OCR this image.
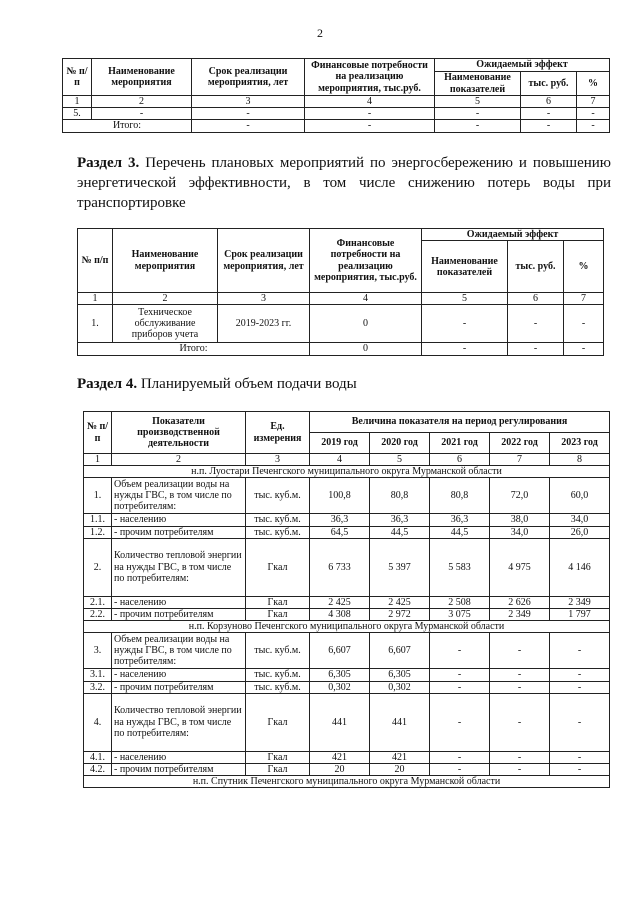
2
№ п/п	Наименование мероприятия	Срок реализации мероприятия, лет	Финансовые потребности на реализацию мероприятия, тыс.руб.	Ожидаемый эффект		
				Наименование показателей	тыс. руб.	%
1	2	3	4	5	6	7
5.	-	-	-	-	-	-
Итого:		-	-	-	-	-
Раздел 3. Перечень плановых мероприятий по энергосбережению и повышению энергетической эффективности, в том числе снижению потерь воды при транспортировке
№ п/п	Наименование мероприятия	Срок реализации мероприятия, лет	Финансовые потребности на реализацию мероприятия, тыс.руб.	Ожидаемый эффект		
				Наименование показателей	тыс. руб.	%
1	2	3	4	5	6	7
1.	Техническое обслуживание приборов учета	2019-2023 гг.	0	-	-	-
Итого:			0	-	-	-
Раздел 4. Планируемый объем подачи воды
№ п/п	Показатели производственной деятельности	Ед. измерения	Величина показателя на период регулирования				
			2019 год	2020 год	2021 год	2022 год	2023 год
1	2	3	4	5	6	7	8
н.п. Луостари Печенгского муниципального округа Мурманской области							
1.	Объем реализации воды на нужды ГВС, в том числе по потребителям:	тыс. куб.м.	100,8	80,8	80,8	72,0	60,0
1.1.	- населению	тыс. куб.м.	36,3	36,3	36,3	38,0	34,0
1.2.	- прочим потребителям	тыс. куб.м.	64,5	44,5	44,5	34,0	26,0
2.	Количество тепловой энергии на нужды ГВС, в том числе по потребителям:	Гкал	6 733	5 397	5 583	4 975	4 146
2.1.	- населению	Гкал	2 425	2 425	2 508	2 626	2 349
2.2.	- прочим потребителям	Гкал	4 308	2 972	3 075	2 349	1 797
н.п. Корзуново Печенгского муниципального округа Мурманской области							
3.	Объем реализации воды на нужды ГВС, в том числе по потребителям:	тыс. куб.м.	6,607	6,607	-	-	-
3.1.	- населению	тыс. куб.м.	6,305	6,305	-	-	-
3.2.	- прочим потребителям	тыс. куб.м.	0,302	0,302	-	-	-
4.	Количество тепловой энергии на нужды ГВС, в том числе по потребителям:	Гкал	441	441	-	-	-
4.1.	- населению	Гкал	421	421	-	-	-
4.2.	- прочим потребителям	Гкал	20	20	-	-	-
н.п. Спутник Печенгского муниципального округа Мурманской области							
